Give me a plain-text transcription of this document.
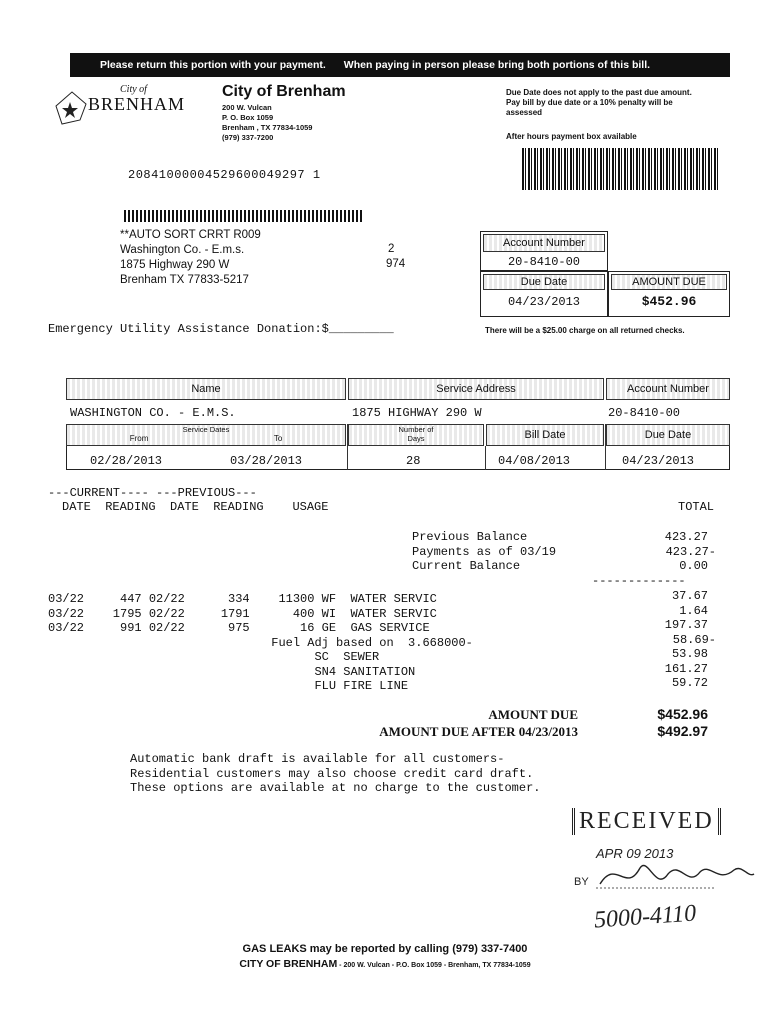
Please return this portion with your payment. When paying in person please bring both portions of this bill.
City of
BRENHAM
City of Brenham
200 W. Vulcan
P. O. Box 1059
Brenham , TX 77834-1059
(979) 337-7200
Due Date does not apply to the past due amount. Pay bill by due date or a 10% penalty will be assessed
After hours payment box available
20841000004529600049297 1
**AUTO SORT CRRT R009
Washington Co. - E.m.s.
1875 Highway 290 W
Brenham TX 77833-5217
2
974
Account Number
20-8410-00
Due Date
04/23/2013
AMOUNT DUE
$452.96
There will be a $25.00 charge on all returned checks.
Emergency Utility Assistance Donation:$_________
Name	Service Address	Account Number
WASHINGTON CO. - E.M.S.	1875 HIGHWAY 290 W	20-8410-00
Service Dates
From	To
Number of
Days	Bill Date	Due Date
02/28/2013	03/28/2013	28	04/08/2013	04/23/2013
---CURRENT---- ---PREVIOUS---
DATE  READING  DATE  READING    USAGE	TOTAL
Previous Balance	423.27
Payments as of 03/19	423.27-
Current Balance	0.00
-------------
03/22     447 02/22      334    11300 WF  WATER SERVIC	37.67
03/22    1795 02/22     1791      400 WI  WATER SERVIC	1.64
03/22     991 02/22      975       16 GE  GAS SERVICE	197.37
Fuel Adj based on  3.668000-	58.69-
SC  SEWER	53.98
SN4 SANITATION	161.27
FLU FIRE LINE	59.72
AMOUNT DUE	$452.96
AMOUNT DUE AFTER 04/23/2013	$492.97
Automatic bank draft is available for all customers-
Residential customers may also choose credit card draft.
These options are available at no charge to the customer.
RECEIVED
APR 09 2013
BY
5000-4110
GAS LEAKS may be reported by calling (979) 337-7400
CITY OF BRENHAM - 200 W. Vulcan - P.O. Box 1059 - Brenham, TX 77834-1059
